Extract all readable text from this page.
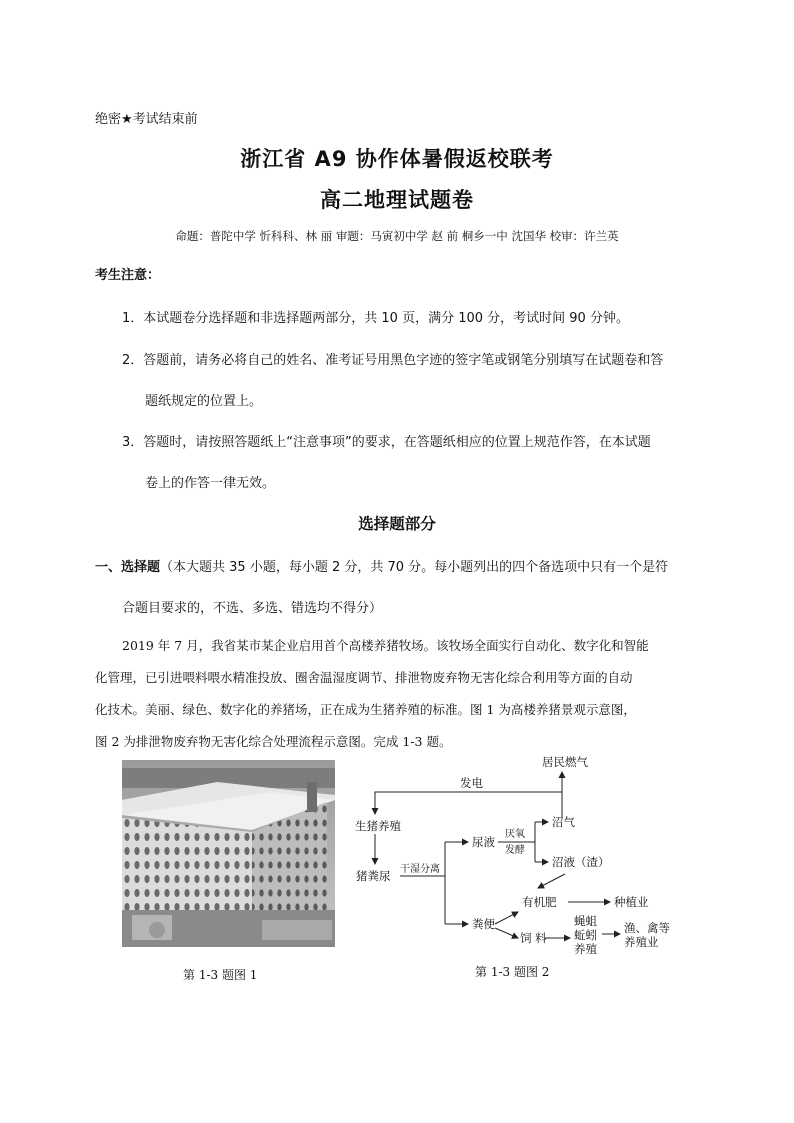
绝密★考试结束前
浙江省 A9 协作体暑假返校联考
高二地理试题卷
命题：普陀中学 忻科科、林 丽 审题：马寅初中学 赵 前 桐乡一中 沈国华 校审：许兰英
考生注意：
1．本试题卷分选择题和非选择题两部分，共 10 页，满分 100 分，考试时间 90 分钟。
2．答题前，请务必将自己的姓名、准考证号用黑色字迹的签字笔或钢笔分别填写在试题卷和答
题纸规定的位置上。
3．答题时，请按照答题纸上“注意事项”的要求，在答题纸相应的位置上规范作答，在本试题
卷上的作答一律无效。
选择题部分
一、选择题（本大题共 35 小题，每小题 2 分，共 70 分。每小题列出的四个备选项中只有一个是符
合题目要求的，不选、多选、错选均不得分）
2019 年 7 月，我省某市某企业启用首个高楼养猪牧场。该牧场全面实行自动化、数字化和智能
化管理，已引进喂料喂水精准投放、圈舍温湿度调节、排泄物废弃物无害化综合利用等方面的自动
化技术。美丽、绿色、数字化的养猪场，正在成为生猪养殖的标准。图 1 为高楼养猪景观示意图，
图 2 为排泄物废弃物无害化综合处理流程示意图。完成 1-3 题。
第 1-3 题图 1
居民燃气
发电
生猪养殖
猪粪尿 干湿分离
尿液
厌氧
发酵
沼气
沼液（渣）
有机肥	种植业
粪便
饲 料
蝇蛆
蚯蚓
养殖
渔、禽等
养殖业
第 1-3 题图 2
